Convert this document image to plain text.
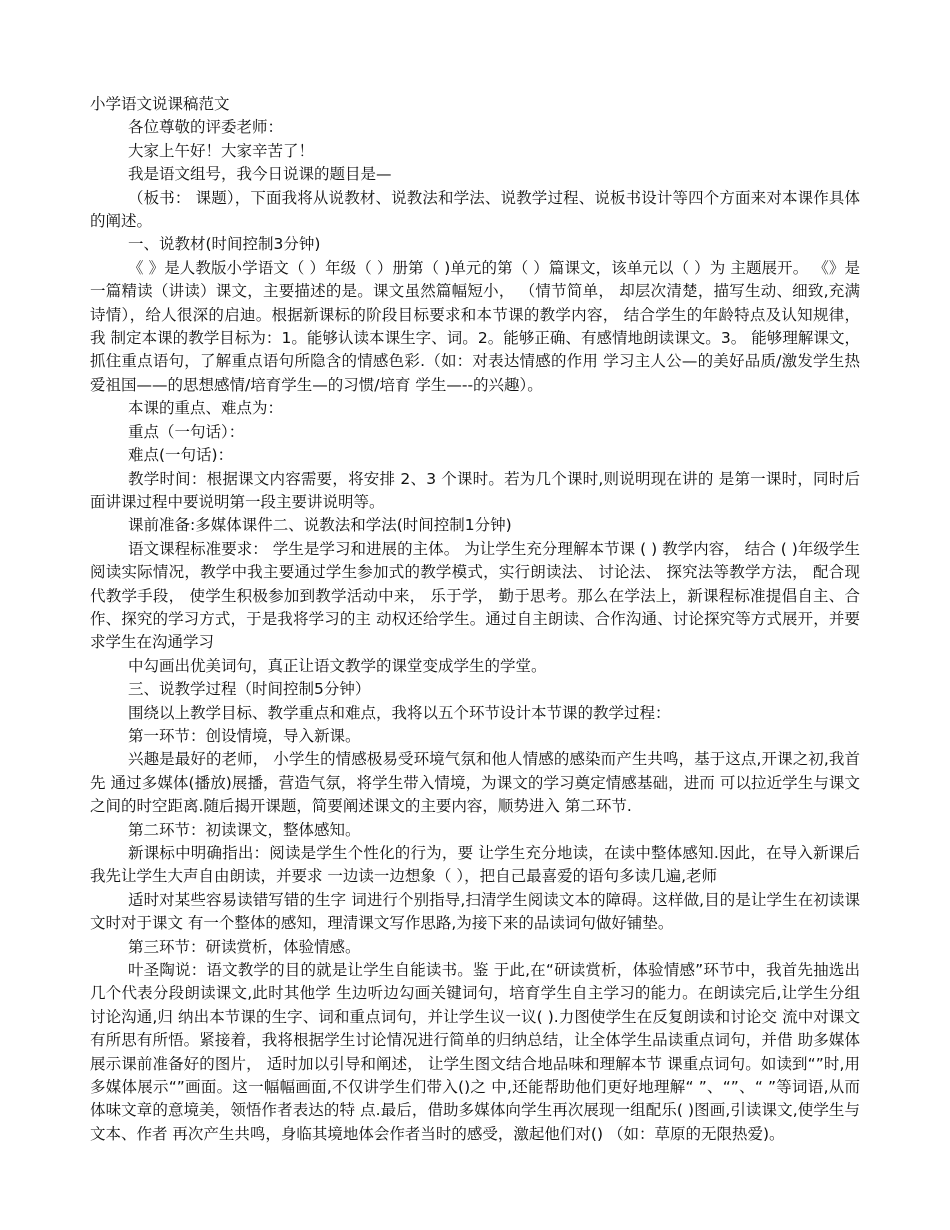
小学语文说课稿范文

各位尊敬的评委老师：

大家上午好！大家辛苦了！

我是语文组号，我今日说课的题目是—

（板书： 课题），下面我将从说教材、说教法和学法、说教学过程、说板书设计等四个方面来对本课作具体的阐述。

一、说教材(时间控制3分钟)

《 》是人教版小学语文（ ）年级（ ）册第（ )单元的第（ ）篇课文，该单元以（ ）为 主题展开。 《》是一篇精读（讲读）课文，主要描述的是。课文虽然篇幅短小， （情节简单， 却层次清楚，描写生动、细致,充满诗情），给人很深的启迪。根据新课标的阶段目标要求和本节课的教学内容， 结合学生的年龄特点及认知规律， 我 制定本课的教学目标为：1。能够认读本课生字、词。2。能够正确、有感情地朗读课文。3。 能够理解课文，抓住重点语句，了解重点语句所隐含的情感色彩.（如：对表达情感的作用 学习主人公—的美好品质/激发学生热爱祖国——的思想感情/培育学生—的习惯/培育 学生—--的兴趣）。

本课的重点、难点为：

重点（一句话）：

难点(一句话)：

教学时间：根据课文内容需要，将安排 2、3 个课时。若为几个课时,则说明现在讲的 是第一课时，同时后面讲课过程中要说明第一段主要讲说明等。

课前准备:多媒体课件二、说教法和学法(时间控制1分钟)

语文课程标准要求： 学生是学习和进展的主体。 为让学生充分理解本节课 ( ) 教学内容， 结合 ( )年级学生阅读实际情况，教学中我主要通过学生参加式的教学模式，实行朗读法、 讨论法、 探究法等教学方法， 配合现代教学手段， 使学生积极参加到教学活动中来， 乐于学， 勤于思考。那么在学法上，新课程标准提倡自主、合作、探究的学习方式，于是我将学习的主 动权还给学生。通过自主朗读、合作沟通、讨论探究等方式展开，并要求学生在沟通学习

中勾画出优美词句，真正让语文教学的课堂变成学生的学堂。

三、说教学过程（时间控制5分钟）

围绕以上教学目标、教学重点和难点，我将以五个环节设计本节课的教学过程：

第一环节：创设情境，导入新课。

兴趣是最好的老师， 小学生的情感极易受环境气氛和他人情感的感染而产生共鸣，基于这点,开课之初,我首先 通过多媒体(播放)展播，营造气氛，将学生带入情境，为课文的学习奠定情感基础，进而 可以拉近学生与课文之间的时空距离.随后揭开课题，简要阐述课文的主要内容，顺势进入 第二环节.

第二环节：初读课文，整体感知。

新课标中明确指出：阅读是学生个性化的行为，要 让学生充分地读，在读中整体感知.因此，在导入新课后我先让学生大声自由朗读，并要求 一边读一边想象（ ），把自己最喜爱的语句多读几遍,老师

适时对某些容易读错写错的生字 词进行个别指导,扫清学生阅读文本的障碍。这样做,目的是让学生在初读课文时对于课文 有一个整体的感知，理清课文写作思路,为接下来的品读词句做好铺垫。

第三环节：研读赏析，体验情感。

叶圣陶说：语文教学的目的就是让学生自能读书。鉴 于此,在“研读赏析，体验情感”环节中，我首先抽选出几个代表分段朗读课文,此时其他学 生边听边勾画关键词句，培育学生自主学习的能力。在朗读完后,让学生分组讨论沟通,归 纳出本节课的生字、词和重点词句，并让学生议一议( ).力图使学生在反复朗读和讨论交 流中对课文有所思有所悟。紧接着，我将根据学生讨论情况进行简单的归纳总结，让全体学生品读重点词句，并借 助多媒体展示课前准备好的图片， 适时加以引导和阐述， 让学生图文结合地品味和理解本节 课重点词句。如读到“”时,用多媒体展示“”画面。这一幅幅画面,不仅讲学生们带入()之 中,还能帮助他们更好地理解“ ”、“”、“ ”等词语,从而体味文章的意境美，领悟作者表达的特 点.最后，借助多媒体向学生再次展现一组配乐( )图画,引读课文,使学生与文本、作者 再次产生共鸣，身临其境地体会作者当时的感受，激起他们对() （如：草原的无限热爱)。
